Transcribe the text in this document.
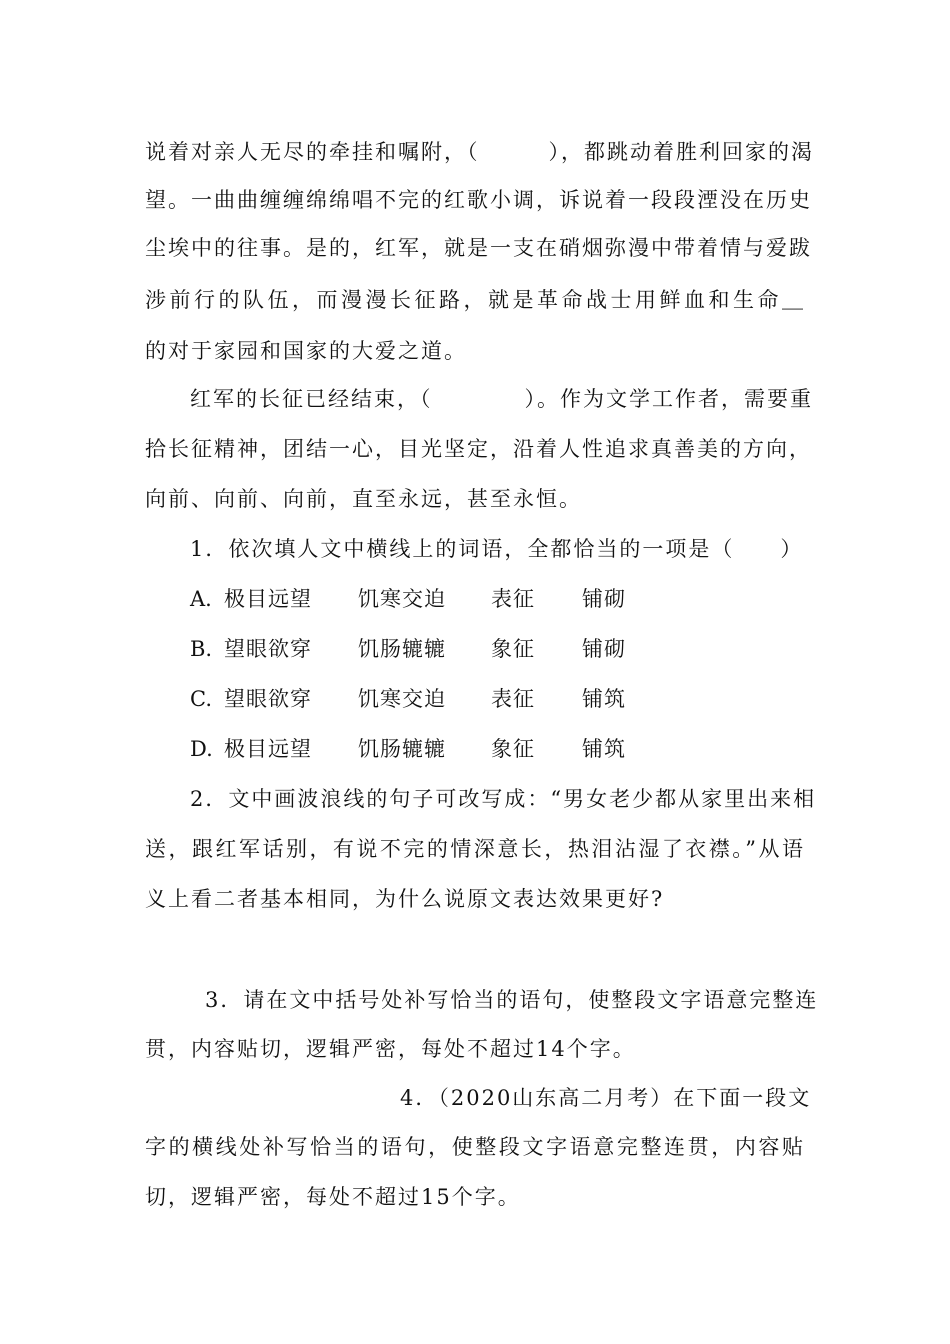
说着对亲人无尽的牵挂和嘱附，（　　　），都跳动着胜利回家的渴
望。一曲曲缠缠绵绵唱不完的红歌小调，诉说着一段段湮没在历史
尘埃中的往事。是的，红军，就是一支在硝烟弥漫中带着情与爱跋
涉前行的队伍，而漫漫长征路，就是革命战士用鲜血和生命＿
的对于家园和国家的大爱之道。
红军的长征已经结束，（　　　　）。作为文学工作者，需要重
拾长征精神，团结一心，目光坚定，沿着人性追求真善美的方向，
向前、向前、向前，直至永远，甚至永恒。
1．依次填人文中横线上的词语，全都恰当的一项是（　　）
A. 极目远望 饥寒交迫 表征 铺砌
B. 望眼欲穿 饥肠辘辘 象征 铺砌
C. 望眼欲穿 饥寒交迫 表征 铺筑
D. 极目远望 饥肠辘辘 象征 铺筑
2．文中画波浪线的句子可改写成：“男女老少都从家里出来相
送，跟红军话别，有说不完的情深意长，热泪沾湿了衣襟。”从语
义上看二者基本相同，为什么说原文表达效果更好?
3．请在文中括号处补写恰当的语句，使整段文字语意完整连
贯，内容贴切，逻辑严密，每处不超过14个字。
4．（2020山东高二月考）在下面一段文
字的横线处补写恰当的语句，使整段文字语意完整连贯，内容贴
切，逻辑严密，每处不超过15个字。
